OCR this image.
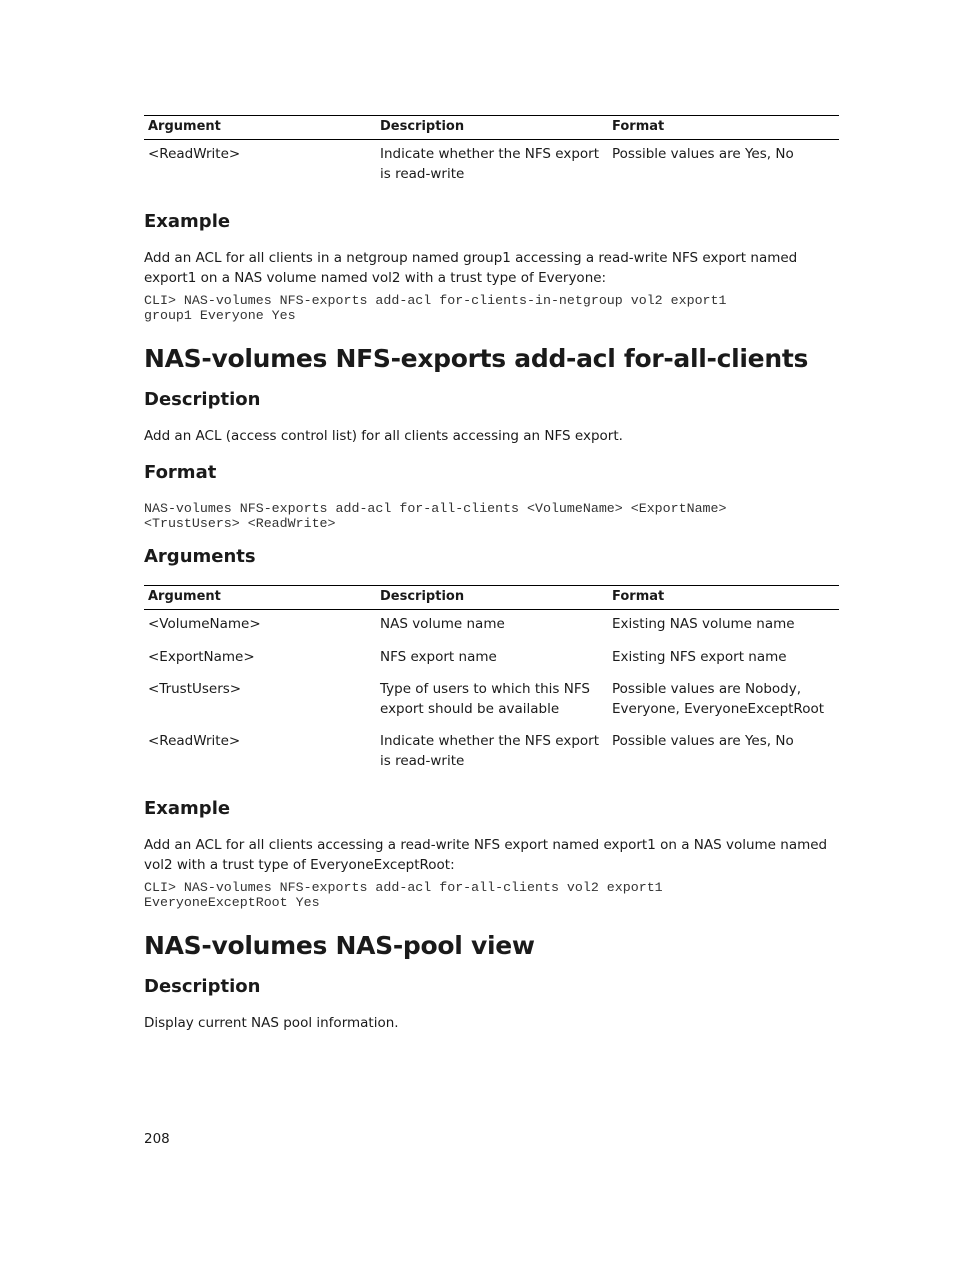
Argument	Description	Format
<ReadWrite>	Indicate whether the NFS export is read-write	Possible values are Yes, No
Example

Add an ACL for all clients in a netgroup named group1 accessing a read-write NFS export named export1 on a NAS volume named vol2 with a trust type of Everyone:

CLI> NAS-volumes NFS-exports add-acl for-clients-in-netgroup vol2 export1
group1 Everyone Yes
NAS-volumes NFS-exports add-acl for-all-clients
Description

Add an ACL (access control list) for all clients accessing an NFS export.

Format
NAS-volumes NFS-exports add-acl for-all-clients <VolumeName> <ExportName>
<TrustUsers> <ReadWrite>
Arguments
Argument	Description	Format
<VolumeName>	NAS volume name	Existing NAS volume name
<ExportName>	NFS export name	Existing NFS export name
<TrustUsers>	Type of users to which this NFS export should be available	Possible values are Nobody, Everyone, EveryoneExceptRoot
<ReadWrite>	Indicate whether the NFS export is read-write	Possible values are Yes, No
Example

Add an ACL for all clients accessing a read-write NFS export named export1 on a NAS volume named vol2 with a trust type of EveryoneExceptRoot:

CLI> NAS-volumes NFS-exports add-acl for-all-clients vol2 export1
EveryoneExceptRoot Yes
NAS-volumes NAS-pool view
Description

Display current NAS pool information.

208
